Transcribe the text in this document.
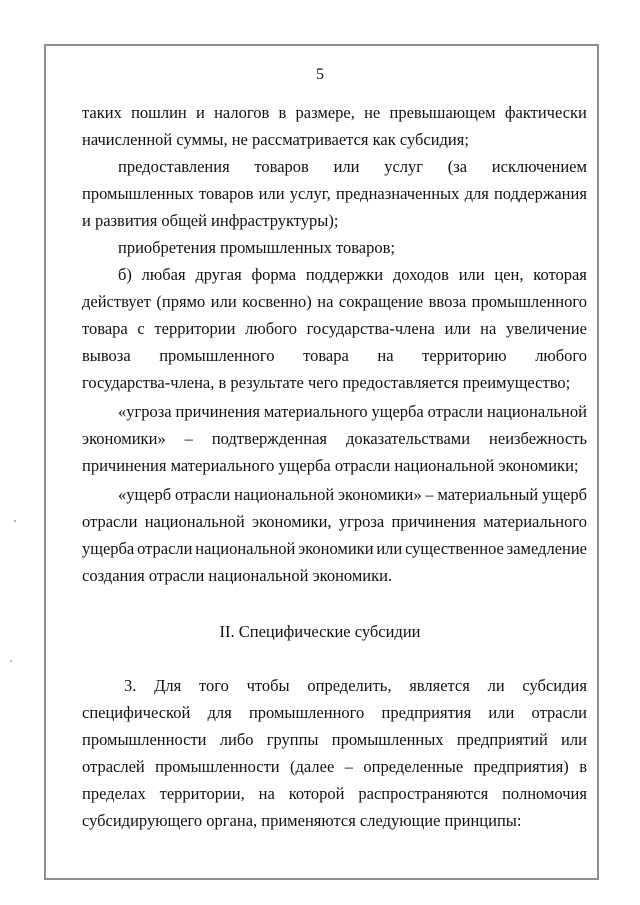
5
таких пошлин и налогов в размере, не превышающем фактически
начисленной суммы, не рассматривается как субсидия;
предоставления товаров или услуг (за исключением
промышленных товаров или услуг, предназначенных для поддержания
и развития общей инфраструктуры);
приобретения промышленных товаров;
б) любая другая форма поддержки доходов или цен, которая
действует (прямо или косвенно) на сокращение ввоза промышленного
товара с территории любого государства-члена или на увеличение
вывоза промышленного товара на территорию любого
государства-члена, в результате чего предоставляется преимущество;
«угроза причинения материального ущерба отрасли национальной
экономики» – подтвержденная доказательствами неизбежность
причинения материального ущерба отрасли национальной экономики;
«ущерб отрасли национальной экономики» – материальный ущерб
отрасли национальной экономики, угроза причинения материального
ущерба отрасли национальной экономики или существенное замедление
создания отрасли национальной экономики.
II. Специфические субсидии
3. Для того чтобы определить, является ли субсидия
специфической для промышленного предприятия или отрасли
промышленности либо группы промышленных предприятий или
отраслей промышленности (далее – определенные предприятия) в
пределах территории, на которой распространяются полномочия
субсидирующего органа, применяются следующие принципы:
